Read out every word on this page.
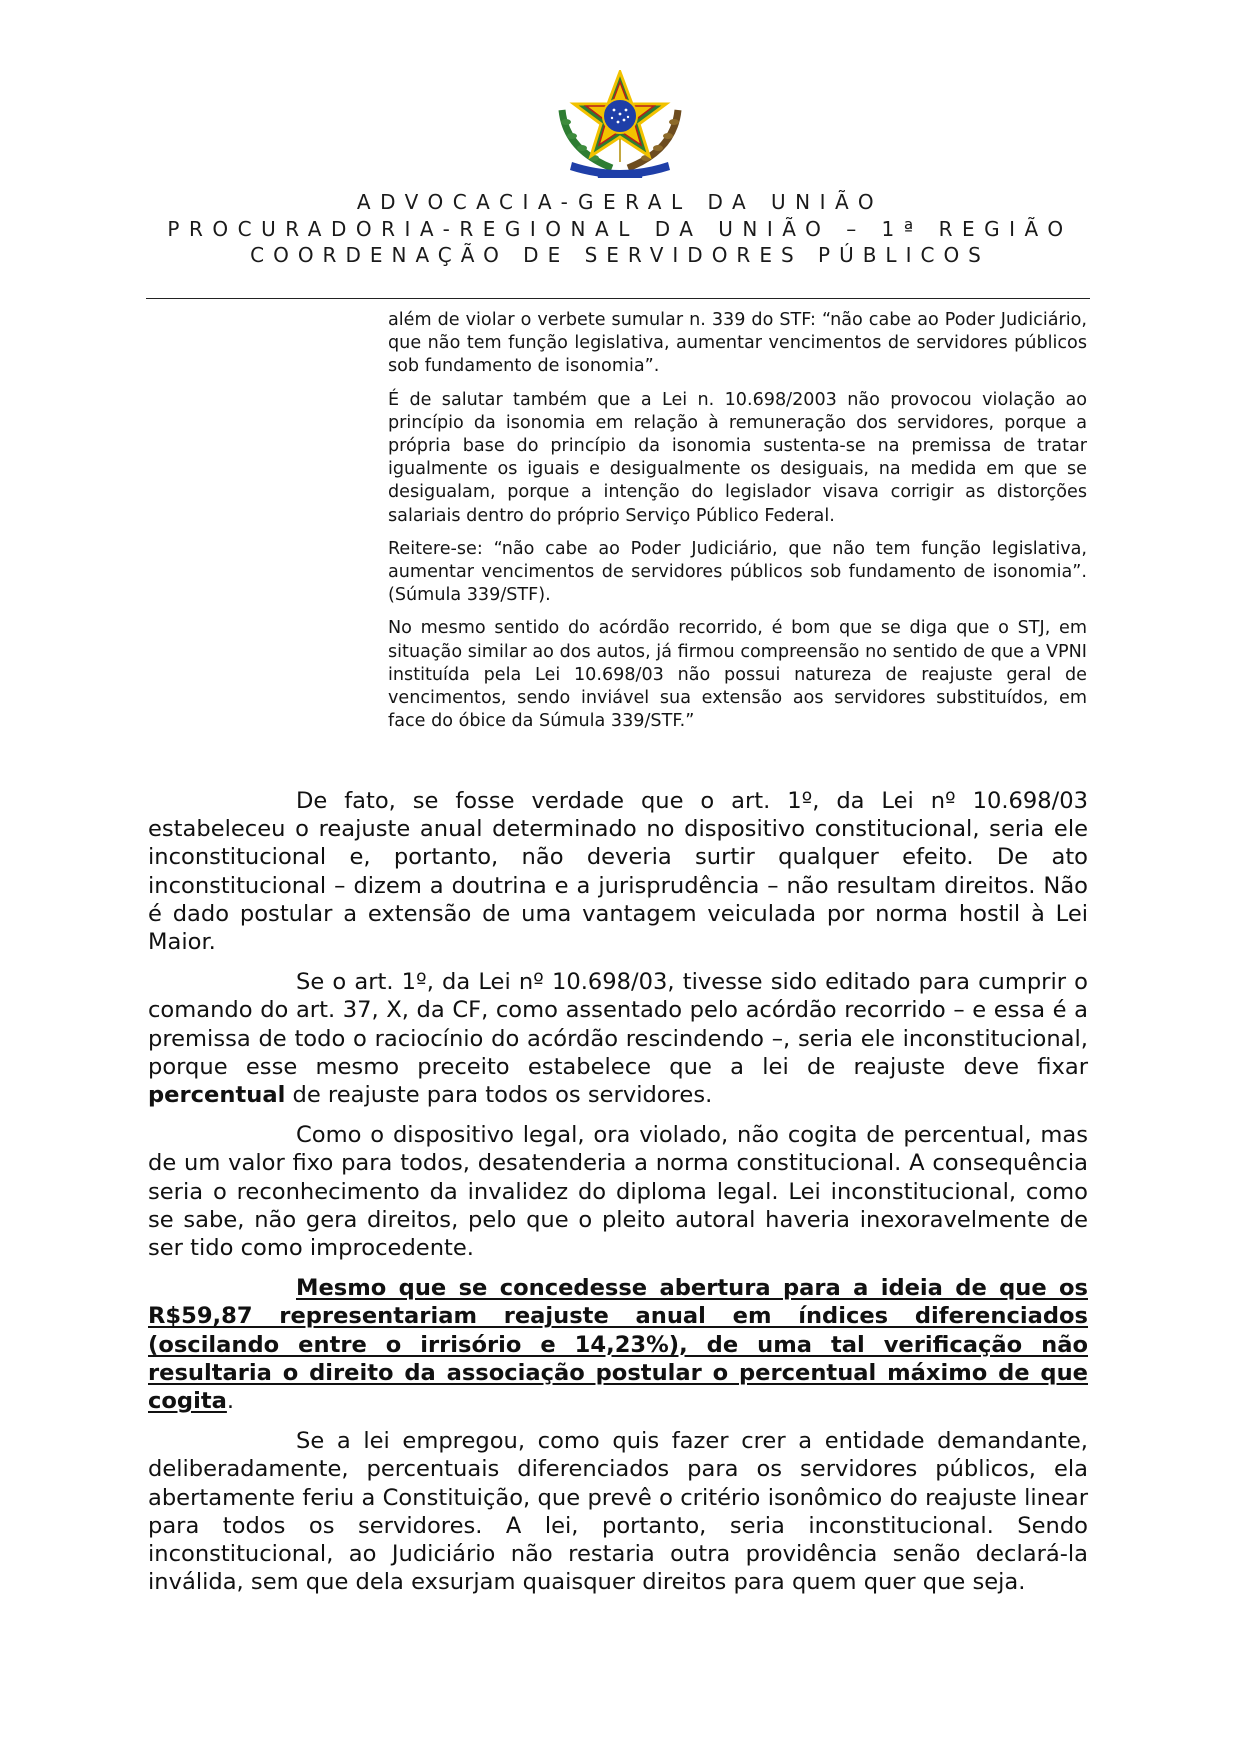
ADVOCACIA-GERAL DA UNIÃO
PROCURADORIA-REGIONAL DA UNIÃO – 1ª REGIÃO
COORDENAÇÃO DE SERVIDORES PÚBLICOS

além de violar o verbete sumular n. 339 do STF: “não cabe ao Poder Judiciário, que não tem função legislativa, aumentar vencimentos de servidores públicos sob fundamento de isonomia”.

É de salutar também que a Lei n. 10.698/2003 não provocou violação ao princípio da isonomia em relação à remuneração dos servidores, porque a própria base do princípio da isonomia sustenta-se na premissa de tratar igualmente os iguais e desigualmente os desiguais, na medida em que se desigualam, porque a intenção do legislador visava corrigir as distorções salariais dentro do próprio Serviço Público Federal.

Reitere-se: “não cabe ao Poder Judiciário, que não tem função legislativa, aumentar vencimentos de servidores públicos sob fundamento de isonomia”. (Súmula 339/STF).

No mesmo sentido do acórdão recorrido, é bom que se diga que o STJ, em situação similar ao dos autos, já firmou compreensão no sentido de que a VPNI instituída pela Lei 10.698/03 não possui natureza de reajuste geral de vencimentos, sendo inviável sua extensão aos servidores substituídos, em face do óbice da Súmula 339/STF.”

De fato, se fosse verdade que o art. 1º, da Lei nº 10.698/03 estabeleceu o reajuste anual determinado no dispositivo constitucional, seria ele inconstitucional e, portanto, não deveria surtir qualquer efeito. De ato inconstitucional – dizem a doutrina e a jurisprudência – não resultam direitos. Não é dado postular a extensão de uma vantagem veiculada por norma hostil à Lei Maior.

Se o art. 1º, da Lei nº 10.698/03, tivesse sido editado para cumprir o comando do art. 37, X, da CF, como assentado pelo acórdão recorrido – e essa é a premissa de todo o raciocínio do acórdão rescindendo –, seria ele inconstitucional, porque esse mesmo preceito estabelece que a lei de reajuste deve fixar percentual de reajuste para todos os servidores.

Como o dispositivo legal, ora violado, não cogita de percentual, mas de um valor fixo para todos, desatenderia a norma constitucional. A consequência seria o reconhecimento da invalidez do diploma legal. Lei inconstitucional, como se sabe, não gera direitos, pelo que o pleito autoral haveria inexoravelmente de ser tido como improcedente.

Mesmo que se concedesse abertura para a ideia de que os R$59,87 representariam reajuste anual em índices diferenciados (oscilando entre o irrisório e 14,23%), de uma tal verificação não resultaria o direito da associação postular o percentual máximo de que cogita.

Se a lei empregou, como quis fazer crer a entidade demandante, deliberadamente, percentuais diferenciados para os servidores públicos, ela abertamente feriu a Constituição, que prevê o critério isonômico do reajuste linear para todos os servidores. A lei, portanto, seria inconstitucional. Sendo inconstitucional, ao Judiciário não restaria outra providência senão declará-la inválida, sem que dela exsurjam quaisquer direitos para quem quer que seja.
